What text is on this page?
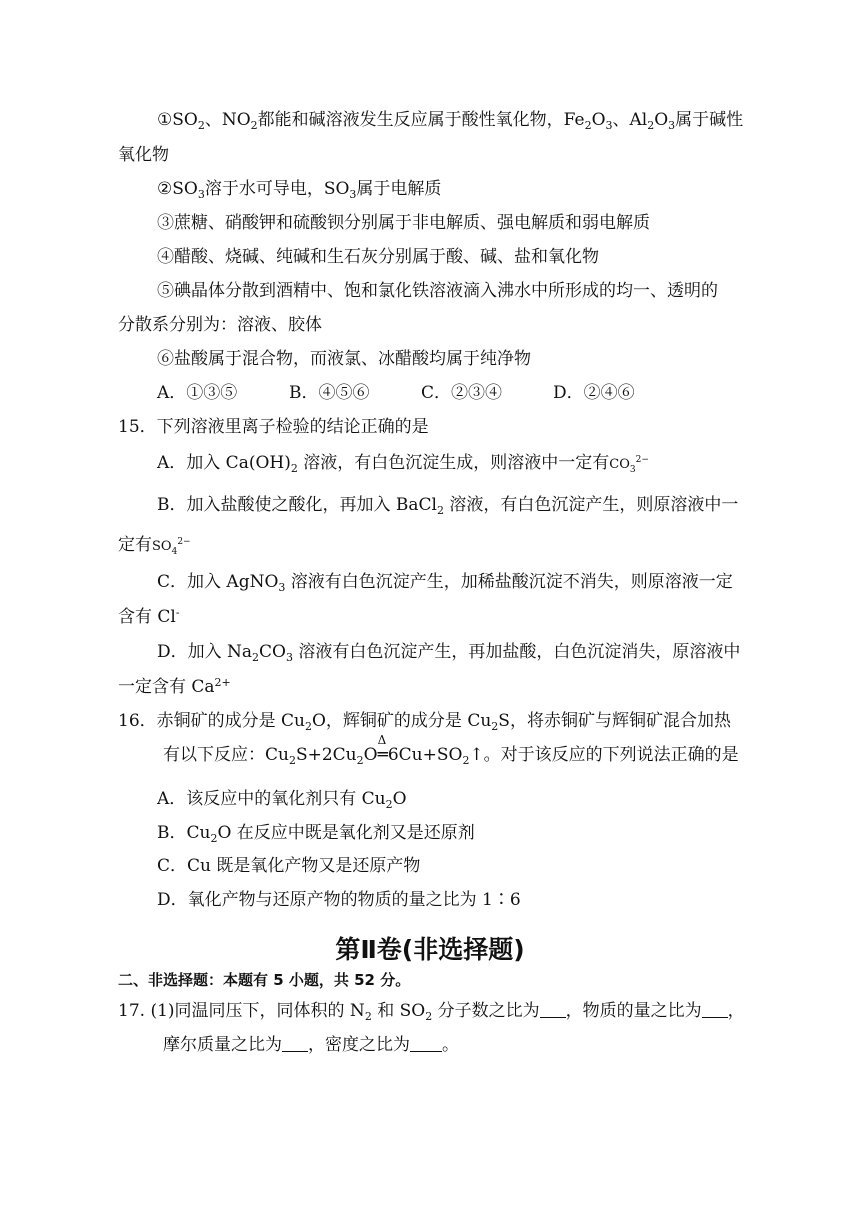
$①SO_2$、$NO_2$都能和碱溶液发生反应属于酸性氧化物，$Fe_2O_3$、$Al_2O_3$属于碱性
氧化物
$②SO_3$溶于水可导电，$SO_3$属于电解质
③蔗糖、硝酸钾和硫酸钡分别属于非电解质、强电解质和弱电解质
④醋酸、烧碱、纯碱和生石灰分别属于酸、碱、盐和氧化物
⑤碘晶体分散到酒精中、饱和氯化铁溶液滴入沸水中所形成的均一、透明的
分散系分别为：溶液、胶体
⑥盐酸属于混合物，而液氯、冰醋酸均属于纯净物
A．①③⑤	B．④⑤⑥	C．②③④	D．②④⑥
15．下列溶液里离子检验的结论正确的是
A．加入 $Ca(OH)_2$ 溶液，有白色沉淀生成，则溶液中一定有$CO_3^{2-}$
B．加入盐酸使之酸化，再加入 BaCl$_2$ 溶液，有白色沉淀产生，则原溶液中一
定有$SO_4^{2-}$
C．加入 AgNO$_3$ 溶液有白色沉淀产生，加稀盐酸沉淀不消失，则原溶液一定
含有 Cl-
D．加入 $Na_2CO_3$ 溶液有白色沉淀产生，再加盐酸，白色沉淀消失，原溶液中
一定含有 $Ca^{2+}$
16．赤铜矿的成分是 $Cu_2O$，辉铜矿的成分是 $Cu_2S$，将赤铜矿与辉铜矿混合加热
有以下反应：$Cu_2S+2Cu_2O$
Δ
$═6Cu+SO_2↑$。对于该反应的下列说法正确的是
A．该反应中的氧化剂只有 $Cu_2O$
B．$Cu_2O$ 在反应中既是氧化剂又是还原剂
C．Cu 既是氧化产物又是还原产物
D．氧化产物与还原产物的物质的量之比为 1∶6
第Ⅱ卷(非选择题)
二、非选择题：本题有 5 小题，共 52 分。
17. (1)同温同压下，同体积的 $N_2$ 和 $SO_2$ 分子数之比为 ，物质的量之比为 ，
摩尔质量之比为 ，密度之比为 。
